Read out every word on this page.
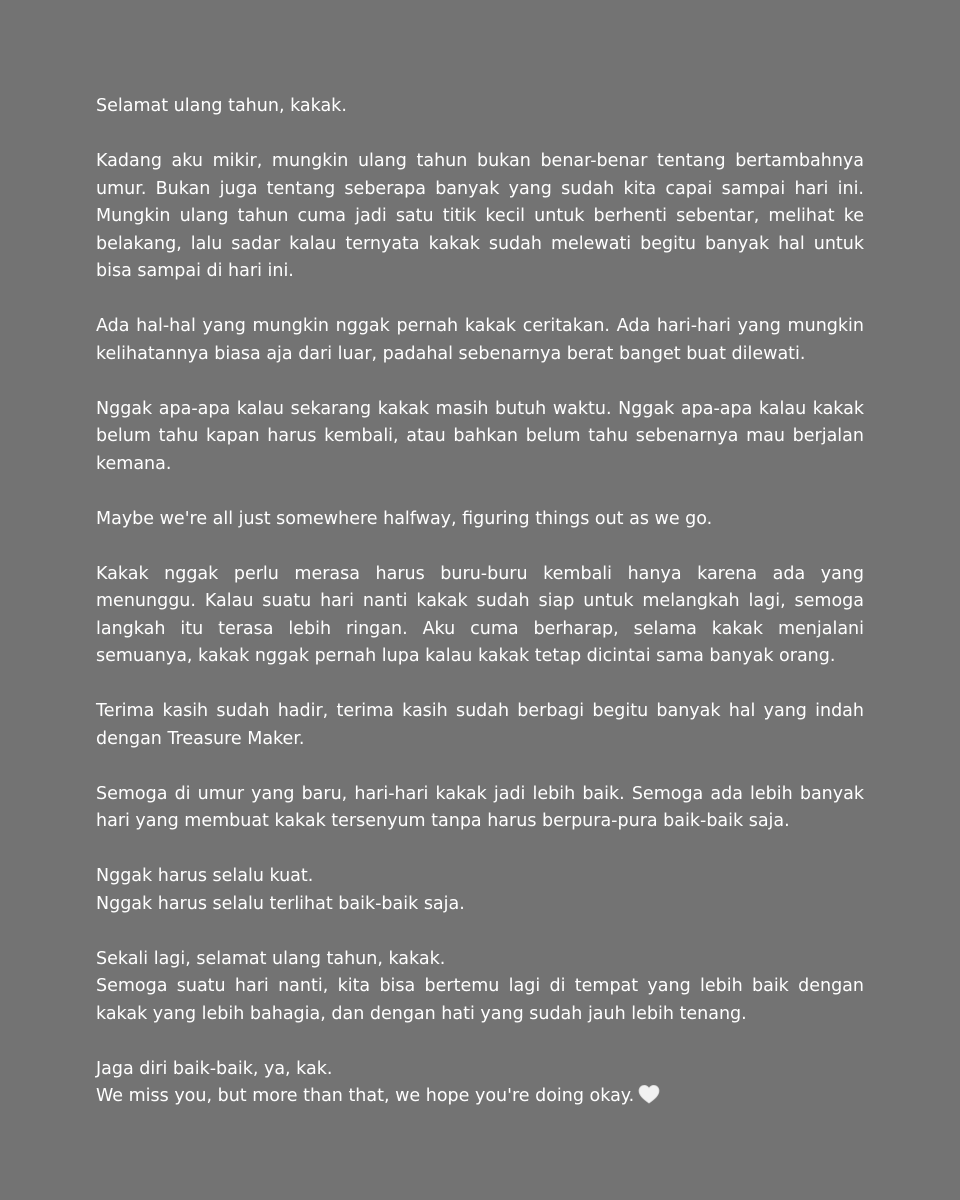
Selamat ulang tahun, kakak.

Kadang aku mikir, mungkin ulang tahun bukan benar-benar tentang bertambahnya umur. Bukan juga tentang seberapa banyak yang sudah kita capai sampai hari ini. Mungkin ulang tahun cuma jadi satu titik kecil untuk berhenti sebentar, melihat ke belakang, lalu sadar kalau ternyata kakak sudah melewati begitu banyak hal untuk bisa sampai di hari ini.

Ada hal-hal yang mungkin nggak pernah kakak ceritakan. Ada hari-hari yang mungkin kelihatannya biasa aja dari luar, padahal sebenarnya berat banget buat dilewati.

Nggak apa-apa kalau sekarang kakak masih butuh waktu. Nggak apa-apa kalau kakak belum tahu kapan harus kembali, atau bahkan belum tahu sebenarnya mau berjalan kemana.

Maybe we're all just somewhere halfway, figuring things out as we go.

Kakak nggak perlu merasa harus buru-buru kembali hanya karena ada yang menunggu. Kalau suatu hari nanti kakak sudah siap untuk melangkah lagi, semoga langkah itu terasa lebih ringan. Aku cuma berharap, selama kakak menjalani semuanya, kakak nggak pernah lupa kalau kakak tetap dicintai sama banyak orang.

Terima kasih sudah hadir, terima kasih sudah berbagi begitu banyak hal yang indah dengan Treasure Maker.

Semoga di umur yang baru, hari-hari kakak jadi lebih baik. Semoga ada lebih banyak hari yang membuat kakak tersenyum tanpa harus berpura-pura baik-baik saja.

Nggak harus selalu kuat.
Nggak harus selalu terlihat baik-baik saja.

Sekali lagi, selamat ulang tahun, kakak.
Semoga suatu hari nanti, kita bisa bertemu lagi di tempat yang lebih baik dengan kakak yang lebih bahagia, dan dengan hati yang sudah jauh lebih tenang.

Jaga diri baik-baik, ya, kak.
We miss you, but more than that, we hope you're doing okay.
